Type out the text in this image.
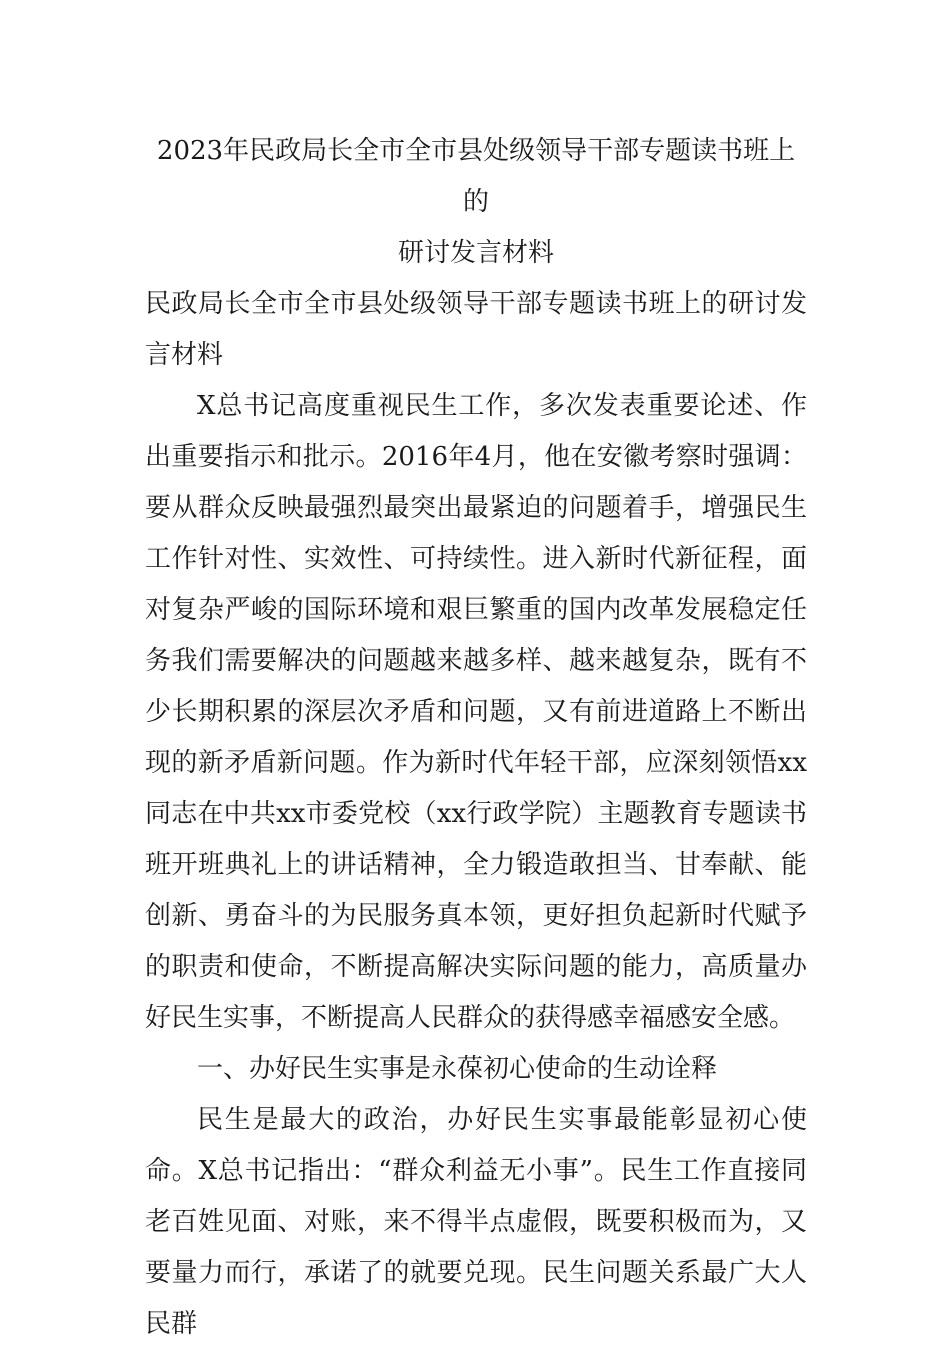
2023年民政局长全市全市县处级领导干部专题读书班上的
研讨发言材料

民政局长全市全市县处级领导干部专题读书班上的研讨发言材料

X总书记高度重视民生工作，多次发表重要论述、作出重要指示和批示。2016年4月，他在安徽考察时强调：要从群众反映最强烈最突出最紧迫的问题着手，增强民生工作针对性、实效性、可持续性。进入新时代新征程，面对复杂严峻的国际环境和艰巨繁重的国内改革发展稳定任务我们需要解决的问题越来越多样、越来越复杂，既有不少长期积累的深层次矛盾和问题，又有前进道路上不断出现的新矛盾新问题。作为新时代年轻干部，应深刻领悟xx同志在中共xx市委党校（xx行政学院）主题教育专题读书班开班典礼上的讲话精神，全力锻造敢担当、甘奉献、能创新、勇奋斗的为民服务真本领，更好担负起新时代赋予的职责和使命，不断提高解决实际问题的能力，高质量办好民生实事，不断提高人民群众的获得感幸福感安全感。

一、办好民生实事是永葆初心使命的生动诠释

民生是最大的政治，办好民生实事最能彰显初心使命。X总书记指出：“群众利益无小事”。民生工作直接同老百姓见面、对账，来不得半点虚假，既要积极而为，又要量力而行，承诺了的就要兑现。民生问题关系最广大人民群
